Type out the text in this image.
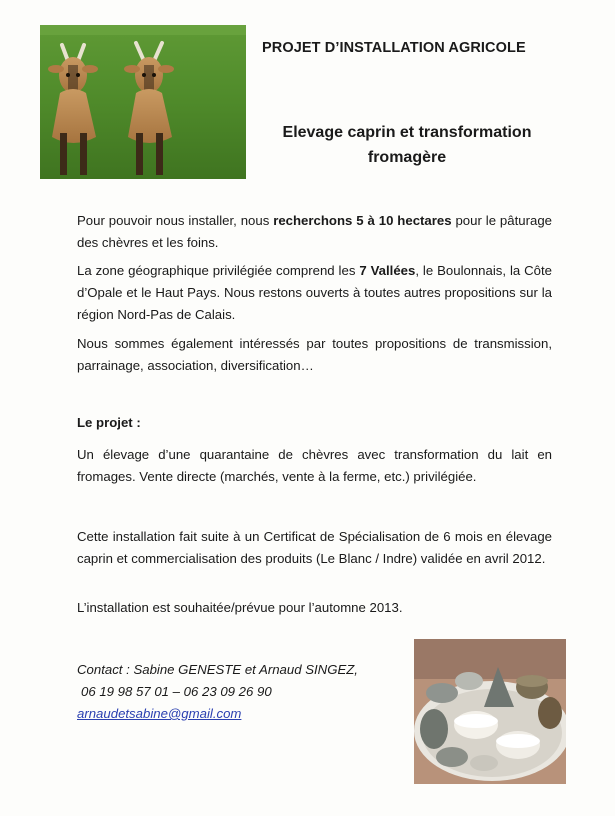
PROJET D’INSTALLATION AGRICOLE
Elevage caprin et transformation
fromagère

Pour pouvoir nous installer, nous recherchons 5 à 10 hectares pour le pâturage des chèvres et les foins.

La zone géographique privilégiée comprend les 7 Vallées, le Boulonnais, la Côte d’Opale et le Haut Pays. Nous restons ouverts à toutes autres propositions sur la région Nord-Pas de Calais.

Nous sommes également intéressés par toutes propositions de transmission, parrainage, association, diversification…

Le projet :

Un élevage d’une quarantaine de chèvres avec transformation du lait en fromages. Vente directe (marchés, vente à la ferme, etc.) privilégiée.

Cette installation fait suite à un Certificat de Spécialisation de 6 mois en élevage caprin et commercialisation des produits (Le Blanc / Indre) validée en avril 2012.

L’installation est souhaitée/prévue pour l’automne 2013.

Contact : Sabine GENESTE et Arnaud SINGEZ,
06 19 98 57 01 – 06 23 09 26 90
arnaudetsabine@gmail.com
